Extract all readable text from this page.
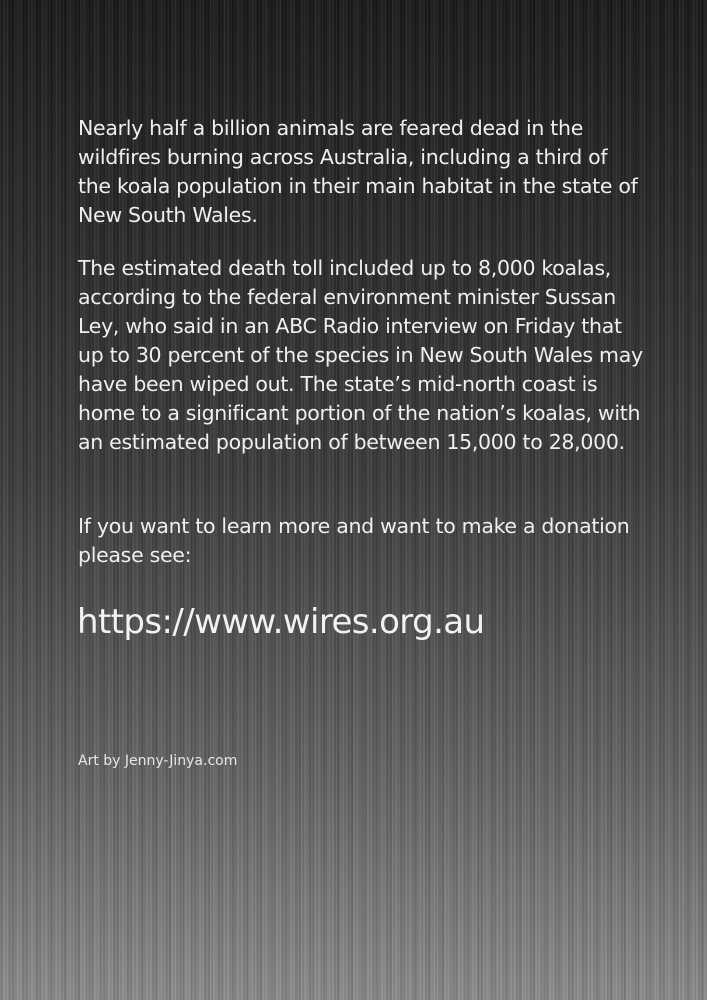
Nearly half a billion animals are feared dead in the wildfires burning across Australia, including a third of the koala population in their main habitat in the state of New South Wales.

The estimated death toll included up to 8,000 koalas, according to the federal environment minister Sussan Ley, who said in an ABC Radio interview on Friday that up to 30 percent of the species in New South Wales may have been wiped out. The state’s mid-north coast is home to a significant portion of the nation’s koalas, with an estimated population of between 15,000 to 28,000.

If you want to learn more and want to make a donation please see:

https://www.wires.org.au

Art by Jenny-Jinya.com
